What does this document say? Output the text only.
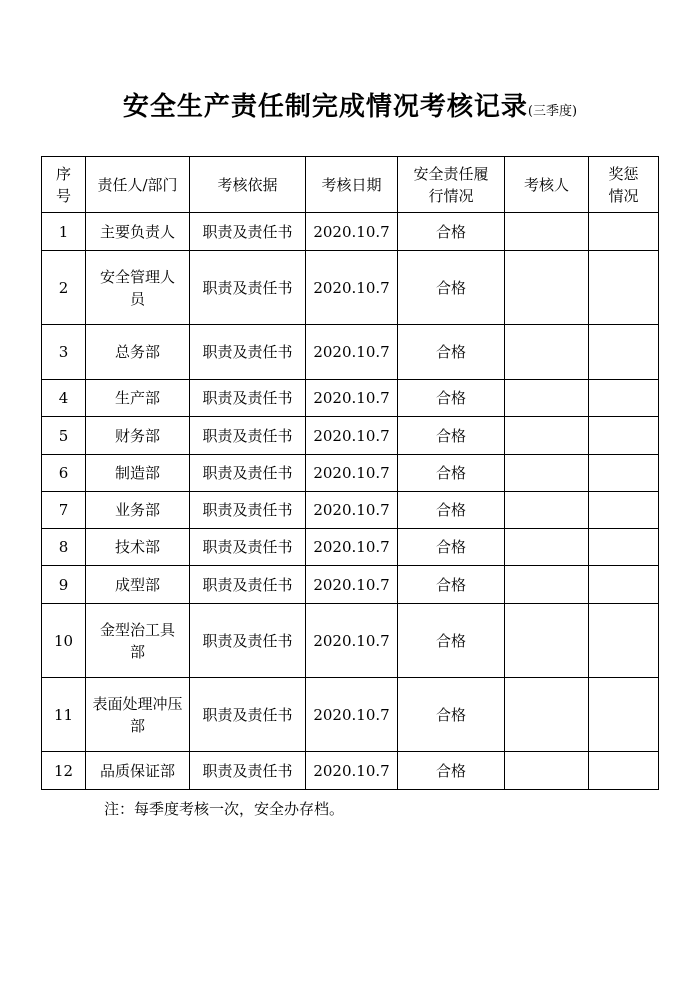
安全生产责任制完成情况考核记录(三季度)
序号	责任人/部门	考核依据	考核日期	安全责任履行情况	考核人	奖惩情况
1	主要负责人	职责及责任书	2020.10.7	合格		
2	安全管理人员	职责及责任书	2020.10.7	合格		
3	总务部	职责及责任书	2020.10.7	合格		
4	生产部	职责及责任书	2020.10.7	合格		
5	财务部	职责及责任书	2020.10.7	合格		
6	制造部	职责及责任书	2020.10.7	合格		
7	业务部	职责及责任书	2020.10.7	合格		
8	技术部	职责及责任书	2020.10.7	合格		
9	成型部	职责及责任书	2020.10.7	合格		
10	金型治工具部	职责及责任书	2020.10.7	合格		
11	表面处理冲压部	职责及责任书	2020.10.7	合格		
12	品质保证部	职责及责任书	2020.10.7	合格		
注：每季度考核一次，安全办存档。
